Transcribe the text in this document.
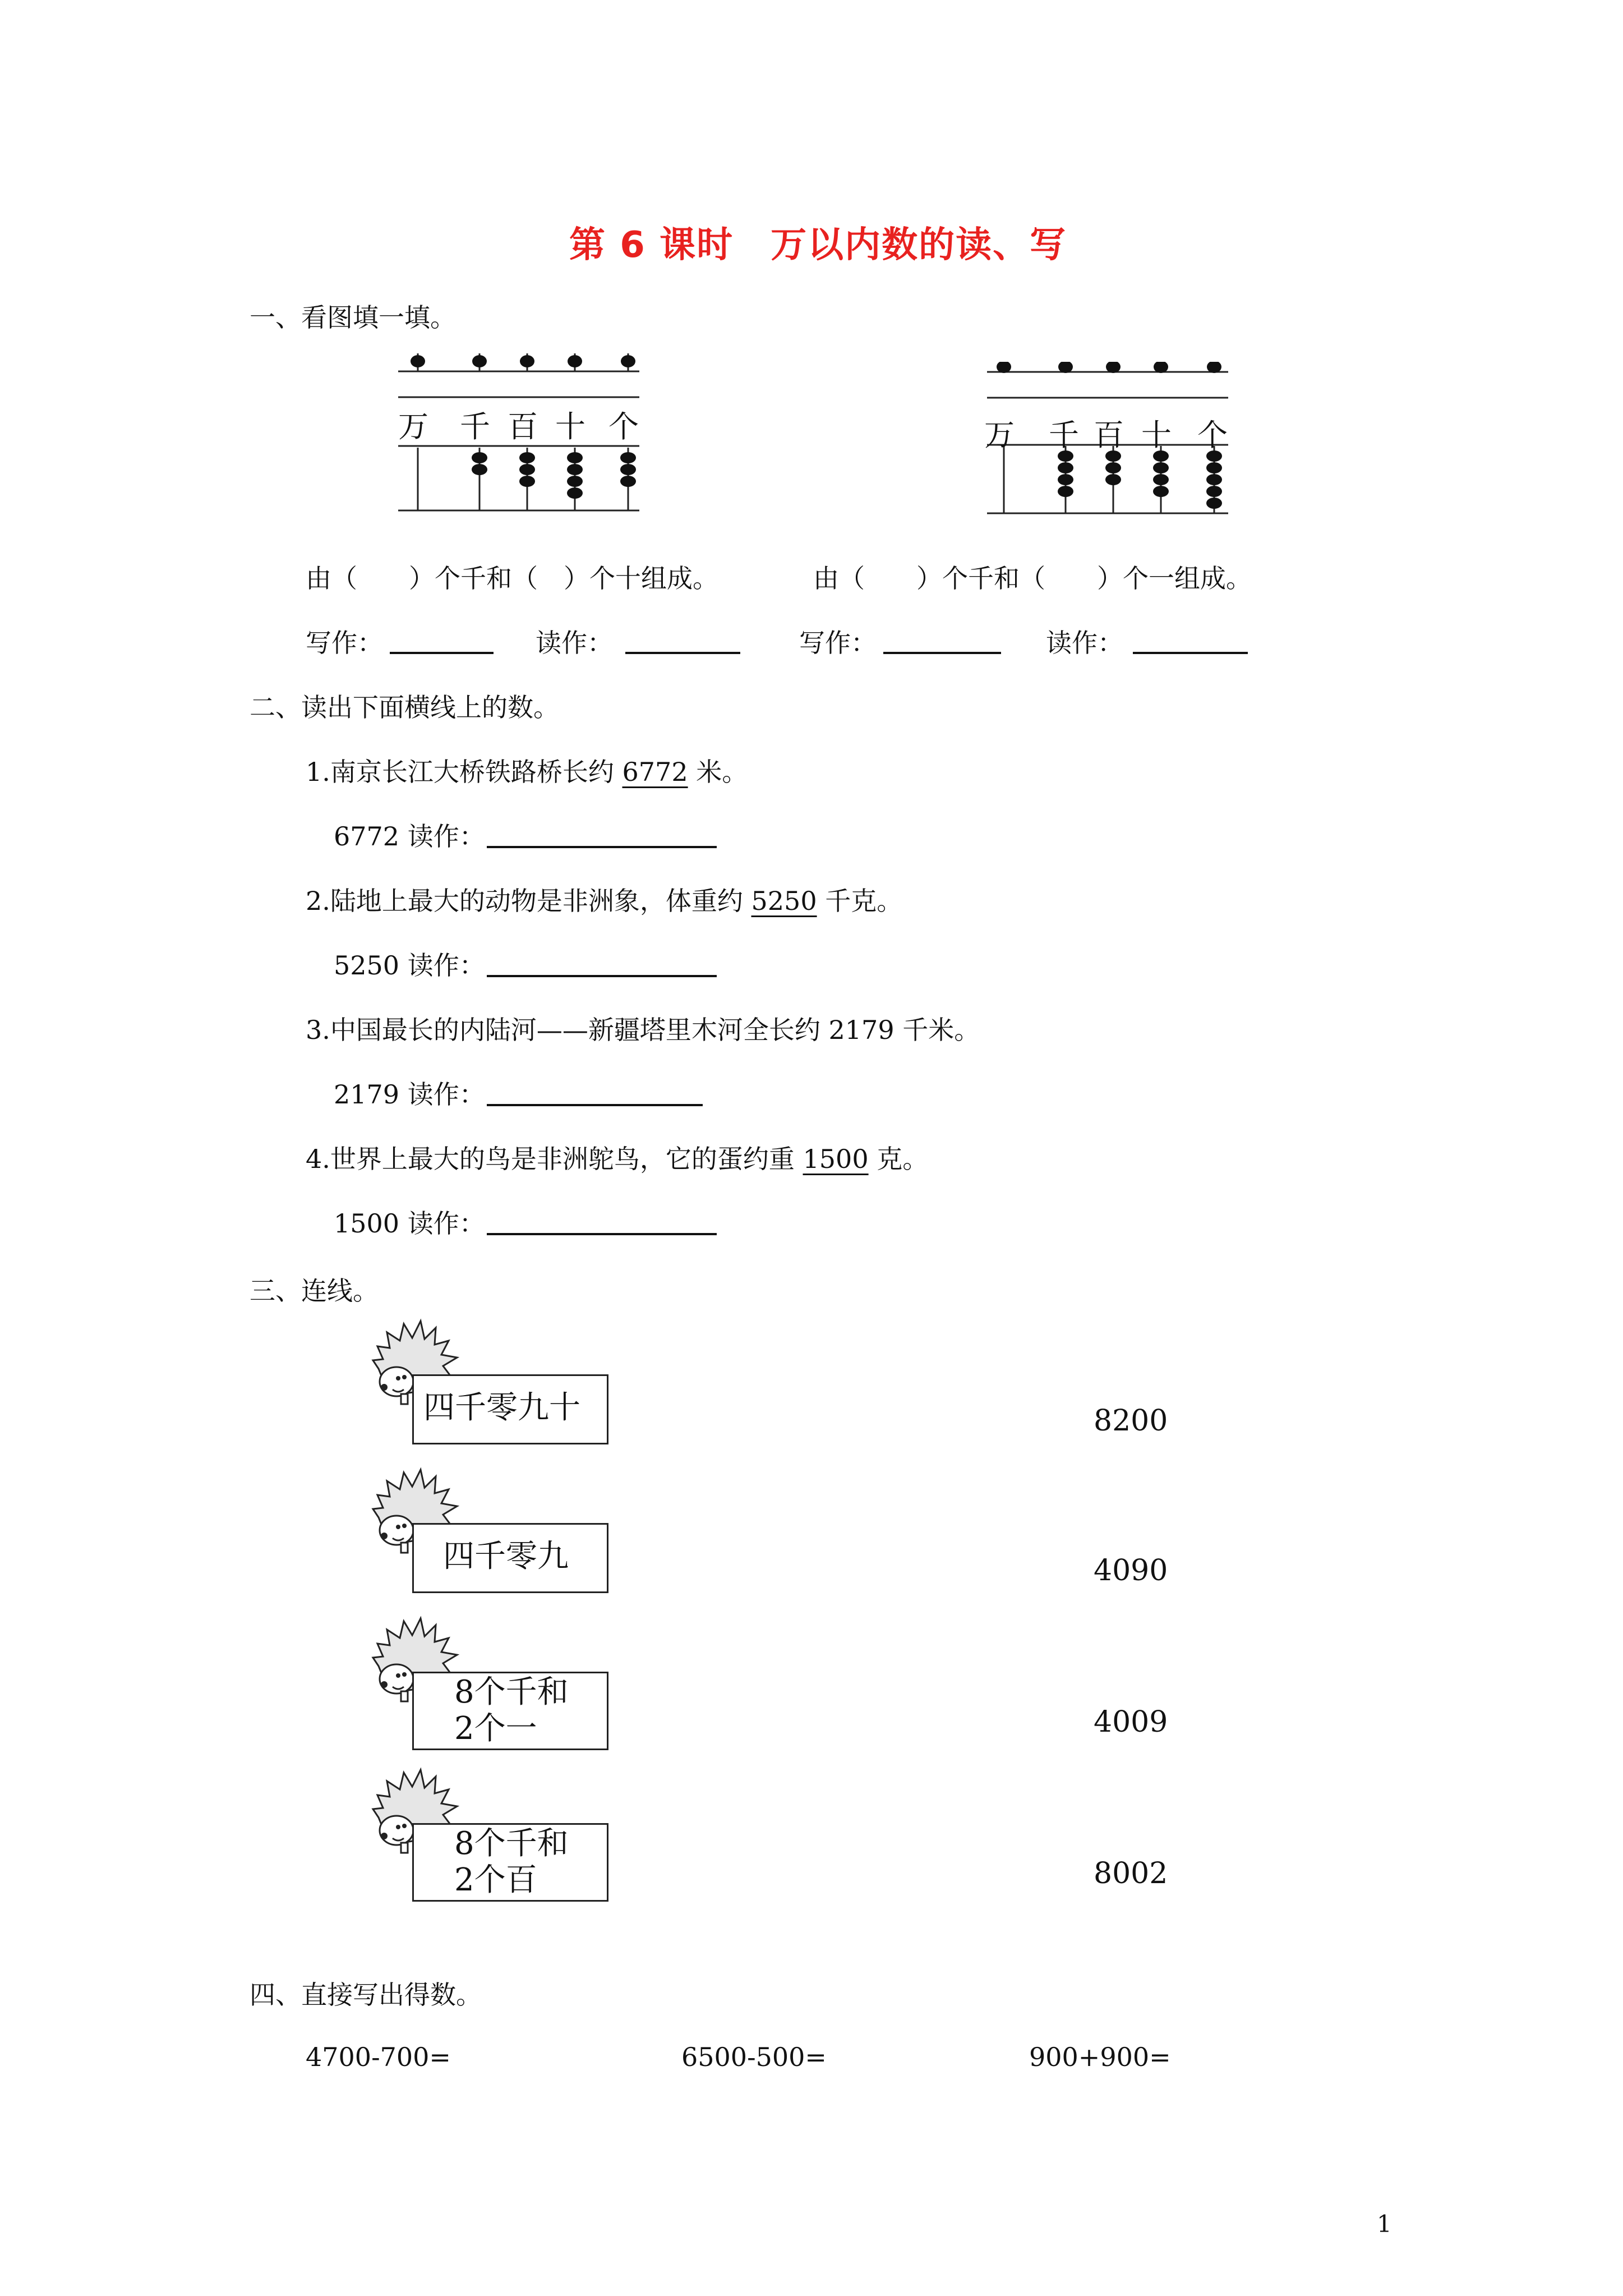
第 6 课时　万以内数的读、写
一、看图填一填。
万 千 百 十 个	万 千 百 十 个
由（　　）个千和（　）个十组成。	由（　　）个千和（　　）个一组成。
写作：	读作：	写作：	读作：
二、读出下面横线上的数。
1.南京长江大桥铁路桥长约 6772 米。
6772 读作：
2.陆地上最大的动物是非洲象，体重约 5250 千克。
5250 读作：
3.中国最长的内陆河——新疆塔里木河全长约 2179 千米。
2179 读作：
4.世界上最大的鸟是非洲鸵鸟，它的蛋约重 1500 克。
1500 读作：
三、连线。
四千零九十
四千零九
8个千和
2个一
8个千和
2个百
8200
4090
4009
8002
四、直接写出得数。
4700-700=	6500-500=	900+900=
1
